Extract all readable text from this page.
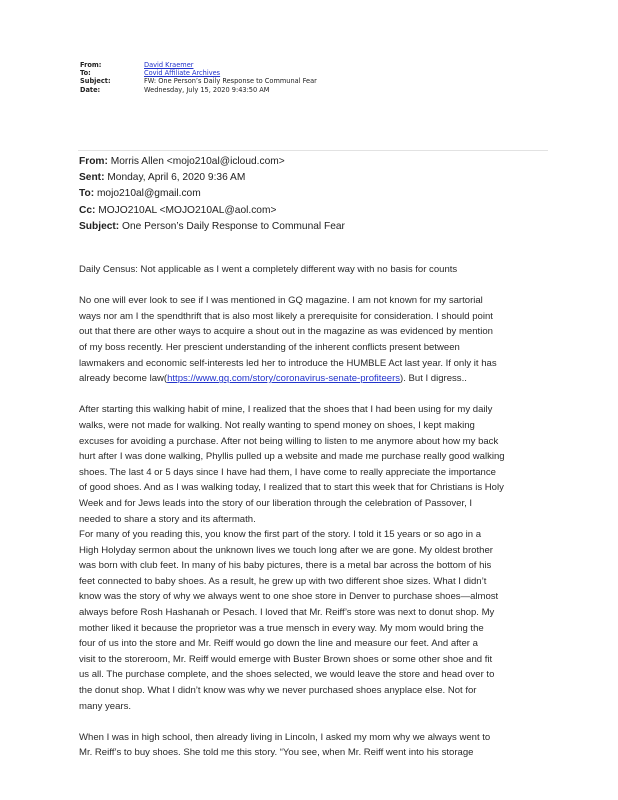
From:	David Kraemer
To:	Covid Affiliate Archives
Subject:	FW: One Person’s Daily Response to Communal Fear
Date:	Wednesday, July 15, 2020 9:43:50 AM
From: Morris Allen <mojo210al@icloud.com>
Sent: Monday, April 6, 2020 9:36 AM
To: mojo210al@gmail.com
Cc: MOJO210AL <MOJO210AL@aol.com>
Subject: One Person’s Daily Response to Communal Fear

Daily Census: Not applicable as I went a completely different way with no basis for counts

No one will ever look to see if I was mentioned in GQ magazine. I am not known for my sartorial

ways nor am I the spendthrift that is also most likely a prerequisite for consideration. I should point

out that there are other ways to acquire a shout out in the magazine as was evidenced by mention

of my boss recently. Her prescient understanding of the inherent conflicts present between

lawmakers and economic self-interests led her to introduce the HUMBLE Act last year. If only it has

already become law(https://www.gq.com/story/coronavirus-senate-profiteers). But I digress..

After starting this walking habit of mine, I realized that the shoes that I had been using for my daily

walks, were not made for walking. Not really wanting to spend money on shoes, I kept making

excuses for avoiding a purchase. After not being willing to listen to me anymore about how my back

hurt after I was done walking, Phyllis pulled up a website and made me purchase really good walking

shoes. The last 4 or 5 days since I have had them, I have come to really appreciate the importance

of good shoes. And as I was walking today, I realized that to start this week that for Christians is Holy

Week and for Jews leads into the story of our liberation through the celebration of Passover, I

needed to share a story and its aftermath.

For many of you reading this, you know the first part of the story. I told it 15 years or so ago in a

High Holyday sermon about the unknown lives we touch long after we are gone. My oldest brother

was born with club feet. In many of his baby pictures, there is a metal bar across the bottom of his

feet connected to baby shoes. As a result, he grew up with two different shoe sizes. What I didn’t

know was the story of why we always went to one shoe store in Denver to purchase shoes—almost

always before Rosh Hashanah or Pesach. I loved that Mr. Reiff’s store was next to donut shop. My

mother liked it because the proprietor was a true mensch in every way. My mom would bring the

four of us into the store and Mr. Reiff would go down the line and measure our feet. And after a

visit to the storeroom, Mr. Reiff would emerge with Buster Brown shoes or some other shoe and fit

us all. The purchase complete, and the shoes selected, we would leave the store and head over to

the donut shop. What I didn’t know was why we never purchased shoes anyplace else. Not for

many years.

When I was in high school, then already living in Lincoln, I asked my mom why we always went to

Mr. Reiff’s to buy shoes. She told me this story. “You see, when Mr. Reiff went into his storage
